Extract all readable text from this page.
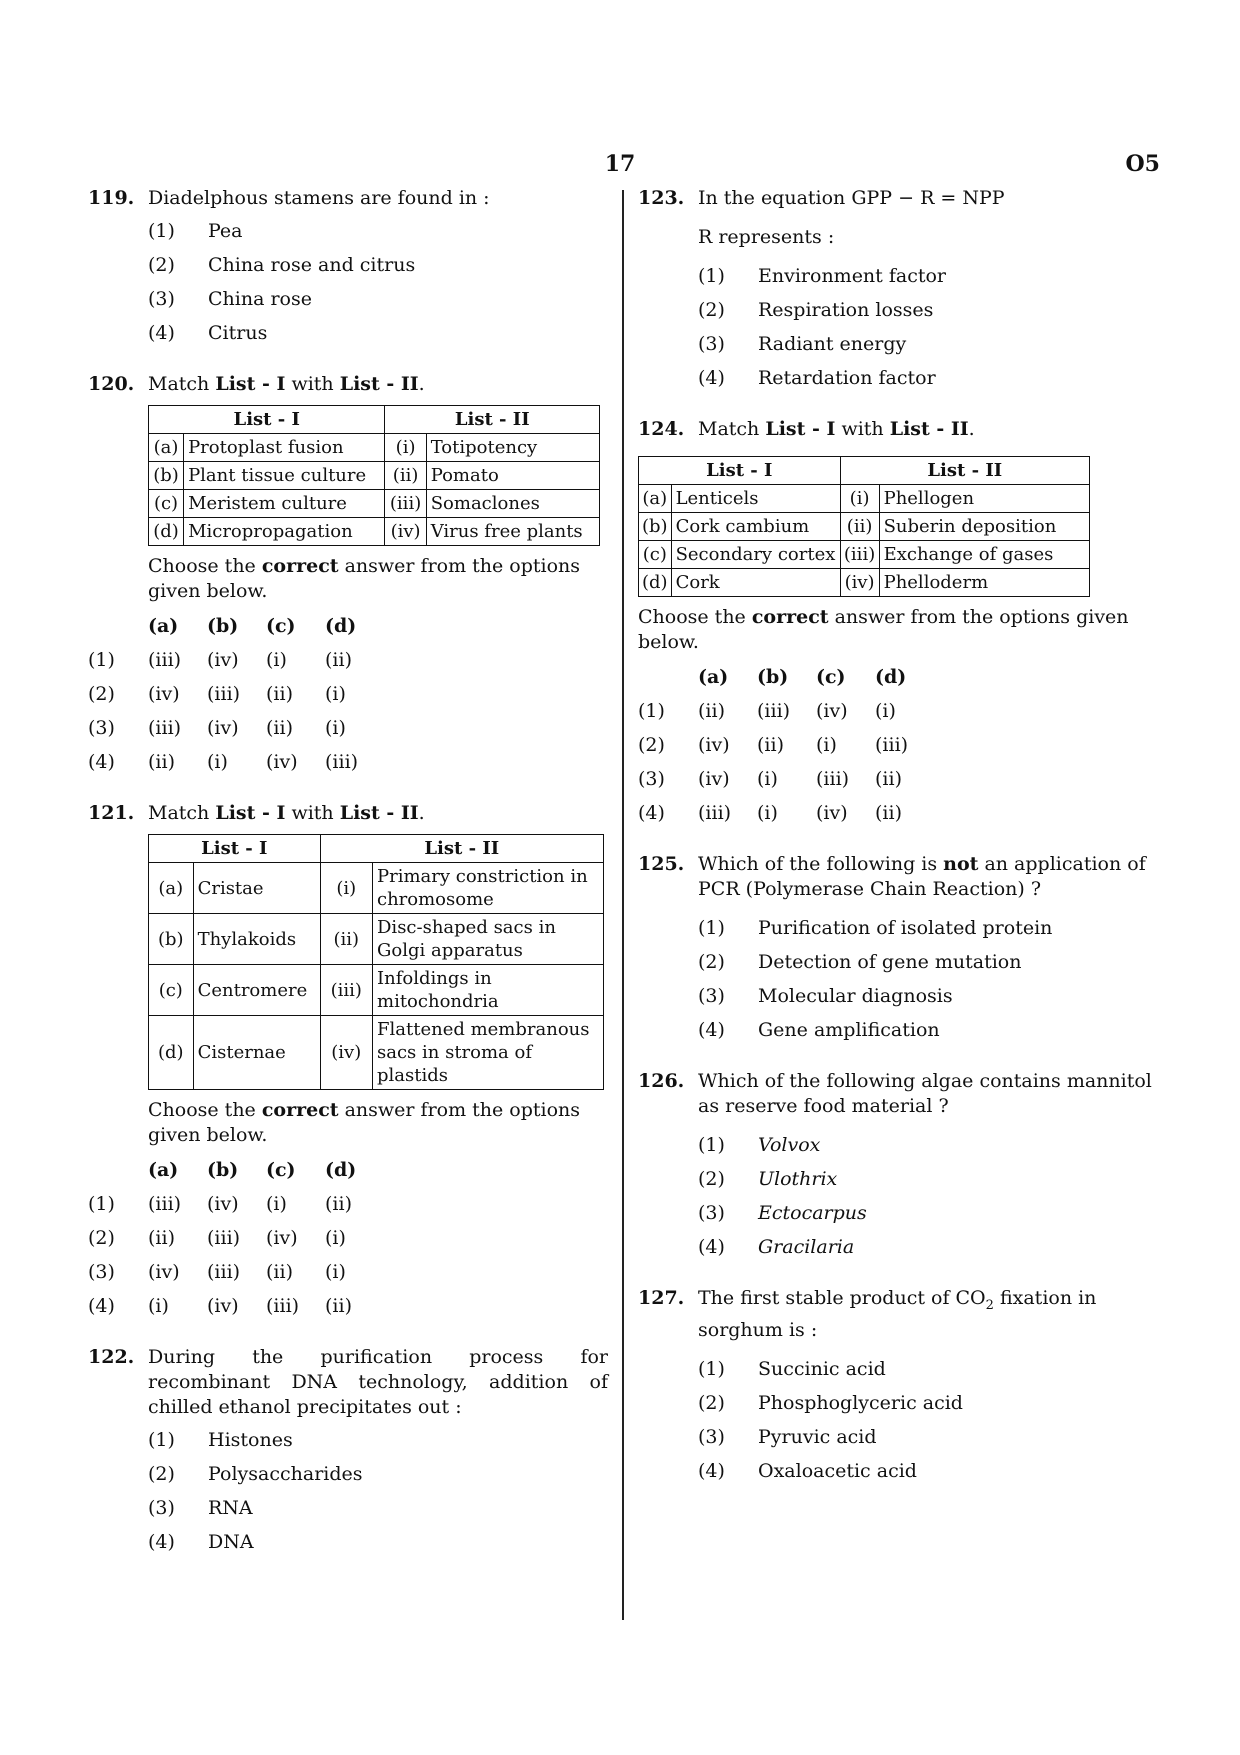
17	O5
119. Diadelphous stamens are found in :
(1)	Pea
(2)	China rose and citrus
(3)	China rose
(4)	Citrus
120. Match List - I with List - II.
List - I		List - II	
(a)	Protoplast fusion	(i)	Totipotency
(b)	Plant tissue culture	(ii)	Pomato
(c)	Meristem culture	(iii)	Somaclones
(d)	Micropropagation	(iv)	Virus free plants
Choose the correct answer from the options given below.
(a)	(b)	(c)	(d)
(1)	(iii)	(iv)	(i)	(ii)
(2)	(iv)	(iii)	(ii)	(i)
(3)	(iii)	(iv)	(ii)	(i)
(4)	(ii)	(i)	(iv)	(iii)
121. Match List - I with List - II.
List - I		List - II	
(a)	Cristae	(i)	Primary constriction in chromosome
(b)	Thylakoids	(ii)	Disc-shaped sacs in Golgi apparatus
(c)	Centromere	(iii)	Infoldings in mitochondria
(d)	Cisternae	(iv)	Flattened membranous sacs in stroma of plastids
Choose the correct answer from the options given below.
(a)	(b)	(c)	(d)
(1)	(iii)	(iv)	(i)	(ii)
(2)	(ii)	(iii)	(iv)	(i)
(3)	(iv)	(iii)	(ii)	(i)
(4)	(i)	(iv)	(iii)	(ii)
122. During the purification process for recombinant DNA technology, addition of chilled ethanol precipitates out :
(1)	Histones
(2)	Polysaccharides
(3)	RNA
(4)	DNA
123. In the equation GPP − R = NPP
R represents :
(1)	Environment factor
(2)	Respiration losses
(3)	Radiant energy
(4)	Retardation factor
124. Match List - I with List - II.
List - I		List - II	
(a)	Lenticels	(i)	Phellogen
(b)	Cork cambium	(ii)	Suberin deposition
(c)	Secondary cortex	(iii)	Exchange of gases
(d)	Cork	(iv)	Phelloderm
Choose the correct answer from the options given below.
(a)	(b)	(c)	(d)
(1)	(ii)	(iii)	(iv)	(i)
(2)	(iv)	(ii)	(i)	(iii)
(3)	(iv)	(i)	(iii)	(ii)
(4)	(iii)	(i)	(iv)	(ii)
125. Which of the following is not an application of PCR (Polymerase Chain Reaction) ?
(1)	Purification of isolated protein
(2)	Detection of gene mutation
(3)	Molecular diagnosis
(4)	Gene amplification
126. Which of the following algae contains mannitol as reserve food material ?
(1)	Volvox
(2)	Ulothrix
(3)	Ectocarpus
(4)	Gracilaria
127. The first stable product of $CO_2$ fixation in sorghum is :
(1)	Succinic acid
(2)	Phosphoglyceric acid
(3)	Pyruvic acid
(4)	Oxaloacetic acid
